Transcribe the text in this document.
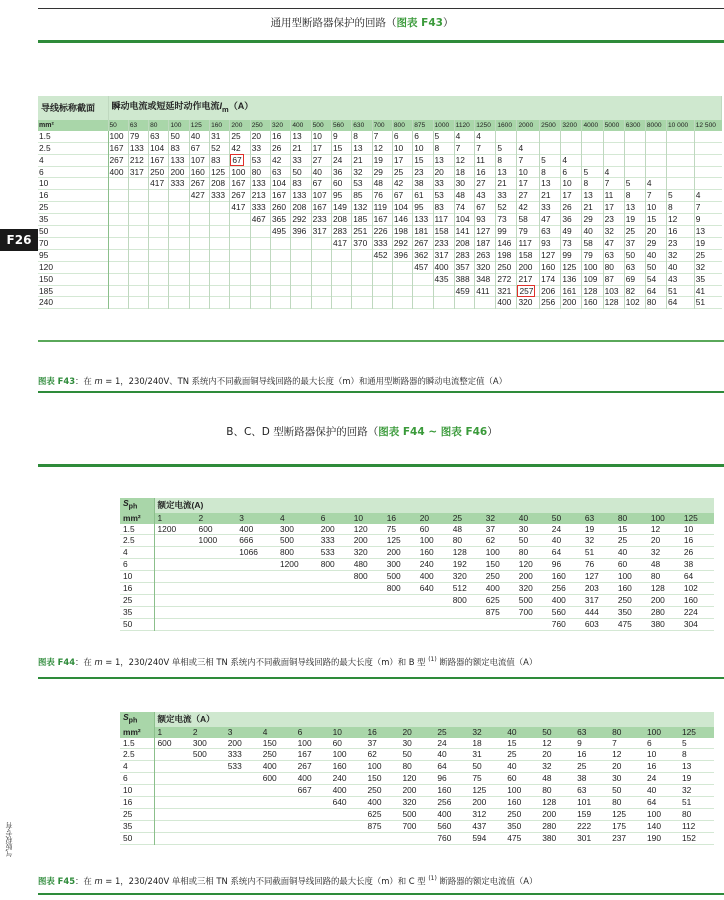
通用型断路器保护的回路（图表 F43）
F26
气版权专有
导线标称截面	瞬动电流或短延时动作电流$I_m(A)$																												
mm²	50	63	80	100	125	160	200	250	320	400	500	560	630	700	800	875	1000	1120	1250	1600	2000	2500	3200	4000	5000	6300	8000	10 000	12 500
1.5	100	79	63	50	40	31	25	20	16	13	10	9	8	7	6	6	5	4	4										
2.5	167	133	104	83	67	52	42	33	26	21	17	15	13	12	10	10	8	7	7	5	4								
4	267	212	167	133	107	83	67	53	42	33	27	24	21	19	17	15	13	12	11	8	7	5	4						
6	400	317	250	200	160	125	100	80	63	50	40	36	32	29	25	23	20	18	16	13	10	8	6	5	4				
10			417	333	267	208	167	133	104	83	67	60	53	48	42	38	33	30	27	21	17	13	10	8	7	5	4		
16					427	333	267	213	167	133	107	95	85	76	67	61	53	48	43	33	27	21	17	13	11	8	7	5	4
25							417	333	260	208	167	149	132	119	104	95	83	74	67	52	42	33	26	21	17	13	10	8	7
35								467	365	292	233	208	185	167	146	133	117	104	93	73	58	47	36	29	23	19	15	12	9
50									495	396	317	283	251	226	198	181	158	141	127	99	79	63	49	40	32	25	20	16	13
70												417	370	333	292	267	233	208	187	146	117	93	73	58	47	37	29	23	19
95														452	396	362	317	283	263	198	158	127	99	79	63	50	40	32	25
120																457	400	357	320	250	200	160	125	100	80	63	50	40	32
150																	435	388	348	272	217	174	136	109	87	69	54	43	35
185																		459	411	321	257	206	161	128	103	82	64	51	41
240																				400	320	256	200	160	128	102	80	64	51
图表 F43：在 m = 1，230/240V、TN 系统内不同截面铜导线回路的最大长度（m）和通用型断路器的瞬动电流整定值（A）
B、C、D 型断路器保护的回路（图表 F44 ~ 图表 F46）
$S_{ph}$	额定电流(A)															
mm²	1	2	3	4	6	10	16	20	25	32	40	50	63	80	100	125
1.5	1200	600	400	300	200	120	75	60	48	37	30	24	19	15	12	10
2.5		1000	666	500	333	200	125	100	80	62	50	40	32	25	20	16
4			1066	800	533	320	200	160	128	100	80	64	51	40	32	26
6				1200	800	480	300	240	192	150	120	96	76	60	48	38
10						800	500	400	320	250	200	160	127	100	80	64
16							800	640	512	400	320	256	203	160	128	102
25									800	625	500	400	317	250	200	160
35										875	700	560	444	350	280	224
50												760	603	475	380	304
图表 F44：在 m = 1，230/240V 单相或三相 TN 系统内不同截面铜导线回路的最大长度（m）和 B 型 $^{(1)}$ 断路器的额定电流值（A）
$S_{ph}$	额定电流（A）															
mm²	1	2	3	4	6	10	16	20	25	32	40	50	63	80	100	125
1.5	600	300	200	150	100	60	37	30	24	18	15	12	9	7	6	5
2.5		500	333	250	167	100	62	50	40	31	25	20	16	12	10	8
4			533	400	267	160	100	80	64	50	40	32	25	20	16	13
6				600	400	240	150	120	96	75	60	48	38	30	24	19
10					667	400	250	200	160	125	100	80	63	50	40	32
16						640	400	320	256	200	160	128	101	80	64	51
25							625	500	400	312	250	200	159	125	100	80
35							875	700	560	437	350	280	222	175	140	112
50									760	594	475	380	301	237	190	152
图表 F45：在 m = 1，230/240V 单相或三相 TN 系统内不同截面铜导线回路的最大长度（m）和 C 型 $^{(1)}$ 断路器的额定电流值（A）
